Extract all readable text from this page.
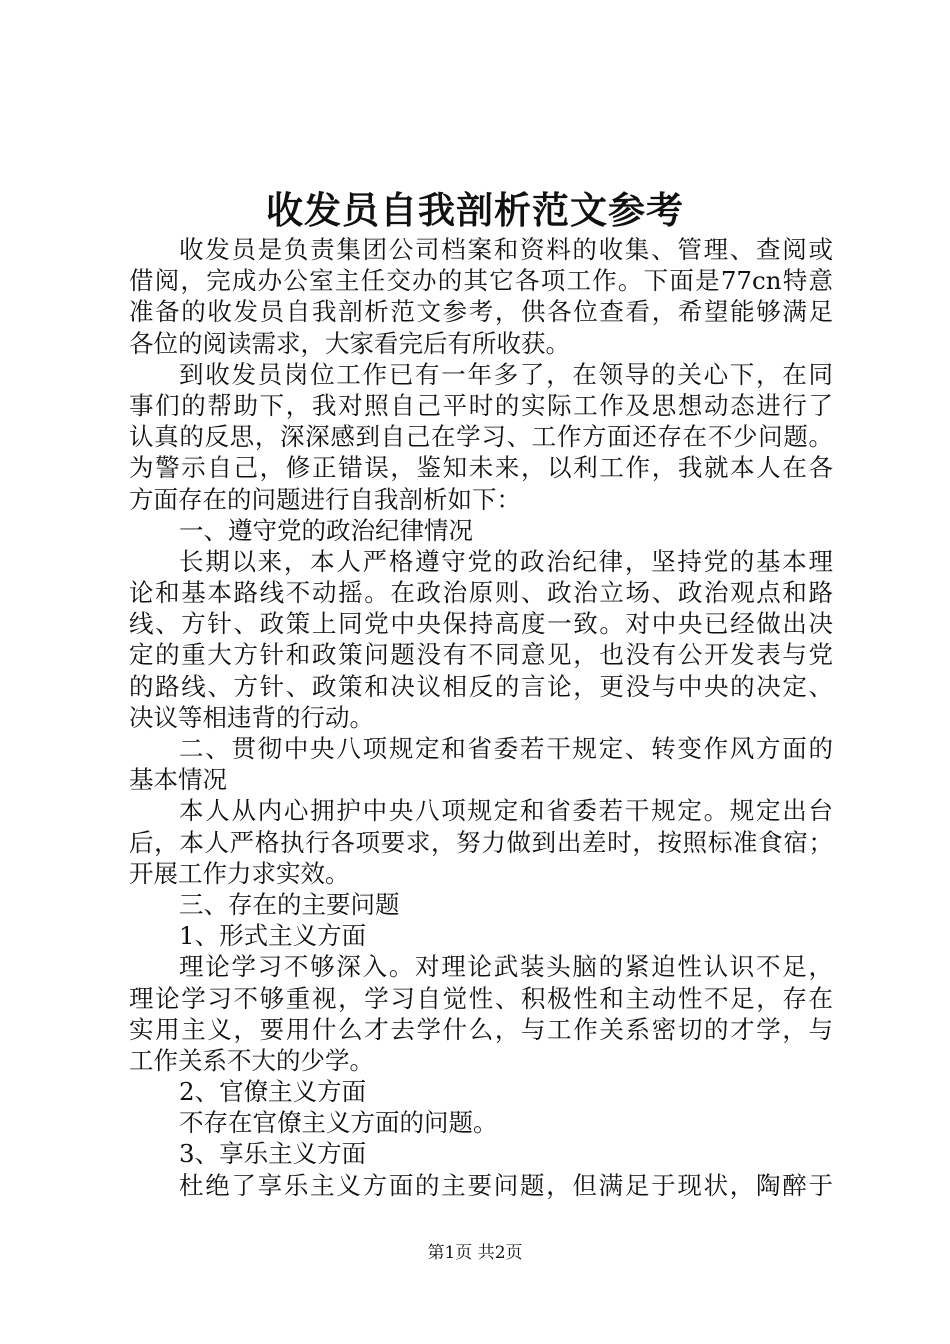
收发员自我剖析范文参考
收发员是负责集团公司档案和资料的收集、管理、查阅或
借阅，完成办公室主任交办的其它各项工作。下面是77cn特意
准备的收发员自我剖析范文参考，供各位查看，希望能够满足
各位的阅读需求，大家看完后有所收获。
到收发员岗位工作已有一年多了，在领导的关心下，在同
事们的帮助下，我对照自己平时的实际工作及思想动态进行了
认真的反思，深深感到自己在学习、工作方面还存在不少问题。
为警示自己，修正错误，鉴知未来，以利工作，我就本人在各
方面存在的问题进行自我剖析如下：
一、遵守党的政治纪律情况
长期以来，本人严格遵守党的政治纪律，坚持党的基本理
论和基本路线不动摇。在政治原则、政治立场、政治观点和路
线、方针、政策上同党中央保持高度一致。对中央已经做出决
定的重大方针和政策问题没有不同意见，也没有公开发表与党
的路线、方针、政策和决议相反的言论，更没与中央的决定、
决议等相违背的行动。
二、贯彻中央八项规定和省委若干规定、转变作风方面的
基本情况
本人从内心拥护中央八项规定和省委若干规定。规定出台
后，本人严格执行各项要求，努力做到出差时，按照标准食宿；
开展工作力求实效。
三、存在的主要问题
1、形式主义方面
理论学习不够深入。对理论武装头脑的紧迫性认识不足，
理论学习不够重视，学习自觉性、积极性和主动性不足，存在
实用主义，要用什么才去学什么，与工作关系密切的才学，与
工作关系不大的少学。
2、官僚主义方面
不存在官僚主义方面的问题。
3、享乐主义方面
杜绝了享乐主义方面的主要问题，但满足于现状，陶醉于
第1页 共2页
